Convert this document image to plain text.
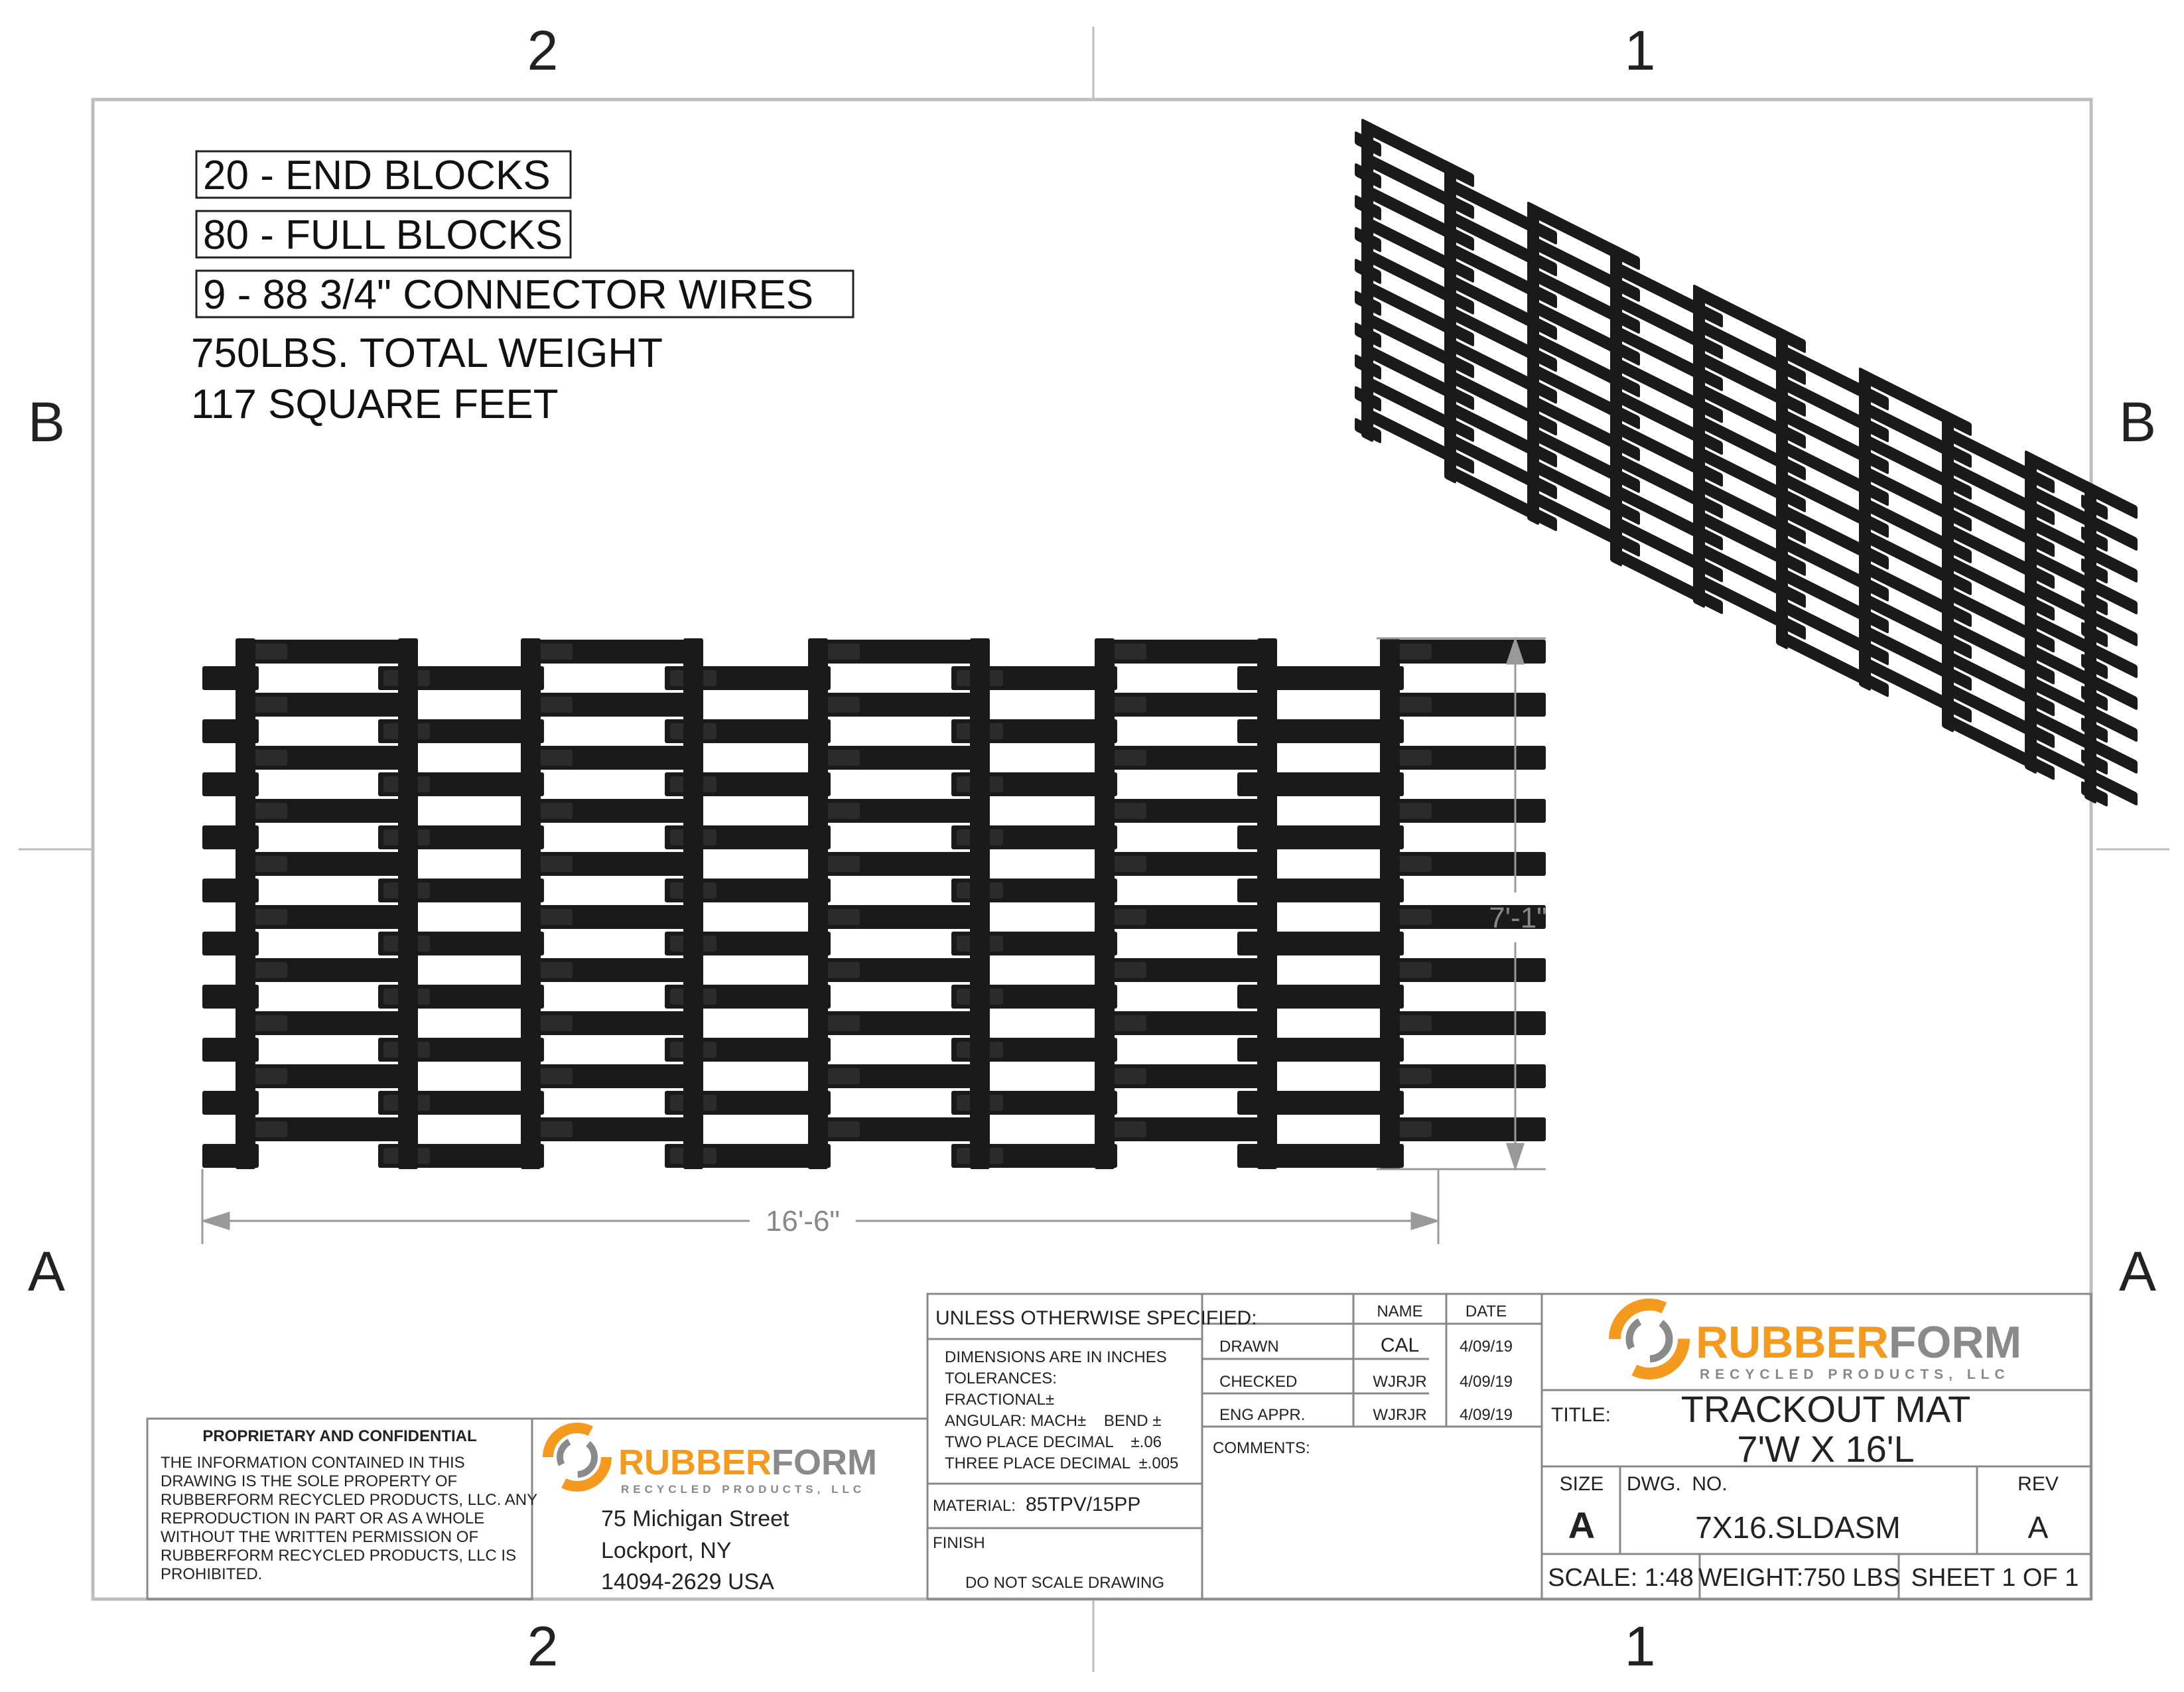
2	1
2	1
B
A
B
A
20 - END BLOCKS
80 - FULL BLOCKS
9 - 88 3/4" CONNECTOR WIRES
750LBS. TOTAL WEIGHT
117 SQUARE FEET
7'-1"
16'-6"
PROPRIETARY AND CONFIDENTIAL
THE INFORMATION CONTAINED IN THIS
DRAWING IS THE SOLE PROPERTY OF
RUBBERFORM RECYCLED PRODUCTS, LLC. ANY
REPRODUCTION IN PART OR AS A WHOLE
WITHOUT THE WRITTEN PERMISSION OF
RUBBERFORM RECYCLED PRODUCTS, LLC IS
PROHIBITED.
RUBBERFORM
RECYCLED PRODUCTS, LLC
75 Michigan Street
Lockport, NY
14094-2629 USA
UNLESS OTHERWISE SPECIFIED:
DIMENSIONS ARE IN INCHES
TOLERANCES:
FRACTIONAL±
ANGULAR: MACH±    BEND ±
TWO PLACE DECIMAL    ±.06
THREE PLACE DECIMAL  ±.005
MATERIAL: 85TPV/15PP
FINISH
DO NOT SCALE DRAWING
NAME	DATE
DRAWN	CAL	4/09/19
CHECKED	WJRJR 4/09/19
ENG APPR.	WJRJR 4/09/19
COMMENTS:
RUBBERFORM
RECYCLED PRODUCTS, LLC
TITLE: TRACKOUT MAT
7'W X 16'L
SIZE
A
DWG.  NO.
7X16.SLDASM
REV
A
SCALE: 1:48 WEIGHT:750 LBS SHEET 1 OF 1
